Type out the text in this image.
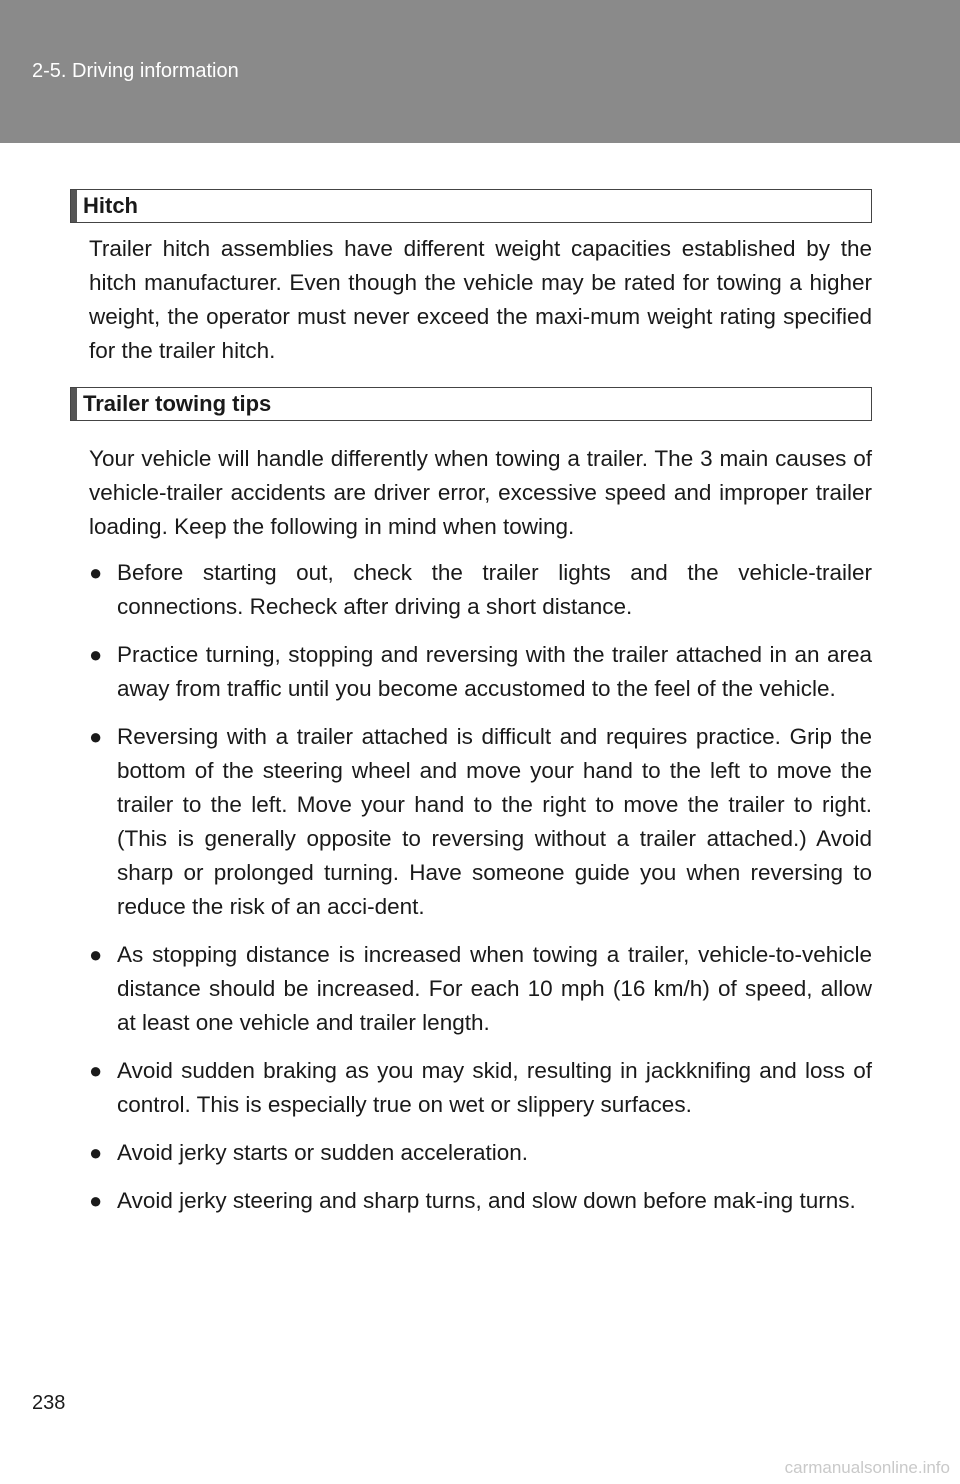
2-5. Driving information
Hitch

Trailer hitch assemblies have different weight capacities established by the hitch manufacturer. Even though the vehicle may be rated for towing a higher weight, the operator must never exceed the maxi-mum weight rating specified for the trailer hitch.

Trailer towing tips

Your vehicle will handle differently when towing a trailer. The 3 main causes of vehicle-trailer accidents are driver error, excessive speed and improper trailer loading. Keep the following in mind when towing.

● Before starting out, check the trailer lights and the vehicle-trailer connections. Recheck after driving a short distance.
● Practice turning, stopping and reversing with the trailer attached in an area away from traffic until you become accustomed to the feel of the vehicle.
● Reversing with a trailer attached is difficult and requires practice. Grip the bottom of the steering wheel and move your hand to the left to move the trailer to the left. Move your hand to the right to move the trailer to right. (This is generally opposite to reversing without a trailer attached.) Avoid sharp or prolonged turning. Have someone guide you when reversing to reduce the risk of an acci-dent.
● As stopping distance is increased when towing a trailer, vehicle-to-vehicle distance should be increased. For each 10 mph (16 km/h) of speed, allow at least one vehicle and trailer length.
● Avoid sudden braking as you may skid, resulting in jackknifing and loss of control. This is especially true on wet or slippery surfaces.
● Avoid jerky starts or sudden acceleration.
● Avoid jerky steering and sharp turns, and slow down before mak-ing turns.
238
carmanualsonline.info
